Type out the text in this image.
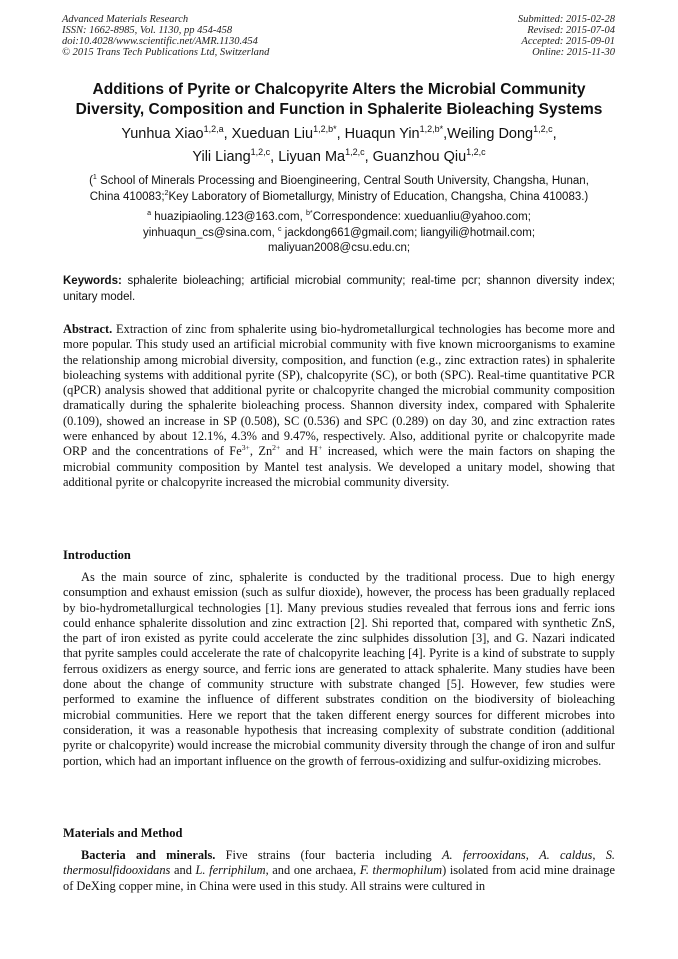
Advanced Materials Research
ISSN: 1662-8985, Vol. 1130, pp 454-458
doi:10.4028/www.scientific.net/AMR.1130.454
© 2015 Trans Tech Publications Ltd, Switzerland
Submitted: 2015-02-28
Revised: 2015-07-04
Accepted: 2015-09-01
Online: 2015-11-30
Additions of Pyrite or Chalcopyrite Alters the Microbial Community
Diversity, Composition and Function in Sphalerite Bioleaching Systems
Yunhua Xiao$^{1,2,a}$, Xueduan Liu$^{1,2,b*}$, Huaqun Yin$^{1,2,b*}$,Weiling Dong$^{1,2,c}$,
Yili Liang$^{1,2,c}$, Liyuan Ma$^{1,2,c}$, Guanzhou Qiu$^{1,2,c}$
($^1$ School of Minerals Processing and Bioengineering, Central South University, Changsha, Hunan,
China 410083;$^2$Key Laboratory of Biometallurgy, Ministry of Education, Changsha, China 410083.)
$^a$ huazipiaoling.123@163.com, $^{b*}$Correspondence: xueduanliu@yahoo.com;
yinhuaqun_cs@sina.com, $^c$ jackdong661@gmail.com; liangyili@hotmail.com;
maliyuan2008@csu.edu.cn;
Keywords: sphalerite bioleaching; artificial microbial community; real-time pcr; shannon diversity index; unitary model.
Abstract. Extraction of zinc from sphalerite using bio-hydrometallurgical technologies has become more and more popular. This study used an artificial microbial community with five known microorganisms to examine the relationship among microbial diversity, composition, and function (e.g., zinc extraction rates) in sphalerite bioleaching systems with additional pyrite (SP), chalcopyrite (SC), or both (SPC). Real-time quantitative PCR (qPCR) analysis showed that additional pyrite or chalcopyrite changed the microbial community composition dramatically during the sphalerite bioleaching process. Shannon diversity index, compared with Sphalerite (0.109), showed an increase in SP (0.508), SC (0.536) and SPC (0.289) on day 30, and zinc extraction rates were enhanced by about 12.1%, 4.3% and 9.47%, respectively. Also, additional pyrite or chalcopyrite made ORP and the concentrations of $Fe^{3+}$, $Zn^{2+}$ and H+ increased, which were the main factors on shaping the microbial community composition by Mantel test analysis. We developed a unitary model, showing that additional pyrite or chalcopyrite increased the microbial community diversity.
Introduction
As the main source of zinc, sphalerite is conducted by the traditional process. Due to high energy consumption and exhaust emission (such as sulfur dioxide), however, the process has been gradually replaced by bio-hydrometallurgical technologies [1]. Many previous studies revealed that ferrous ions and ferric ions could enhance sphalerite dissolution and zinc extraction [2]. Shi reported that, compared with synthetic ZnS, the part of iron existed as pyrite could accelerate the zinc sulphides dissolution [3], and G. Nazari indicated that pyrite samples could accelerate the rate of chalcopyrite leaching [4]. Pyrite is a kind of substrate to supply ferrous oxidizers as energy source, and ferric ions are generated to attack sphalerite. Many studies have been done about the change of community structure with substrate changed [5]. However, few studies were performed to examine the influence of different substrates condition on the biodiversity of bioleaching microbial communities. Here we report that the taken different energy sources for different microbes into consideration, it was a reasonable hypothesis that increasing complexity of substrate condition (additional pyrite or chalcopyrite) would increase the microbial community diversity through the change of iron and sulfur portion, which had an important influence on the growth of ferrous-oxidizing and sulfur-oxidizing microbes.
Materials and Method
Bacteria and minerals. Five strains (four bacteria including A. ferrooxidans, A. caldus, S. thermosulfidooxidans and L. ferriphilum, and one archaea, F. thermophilum) isolated from acid mine drainage of DeXing copper mine, in China were used in this study. All strains were cultured in
